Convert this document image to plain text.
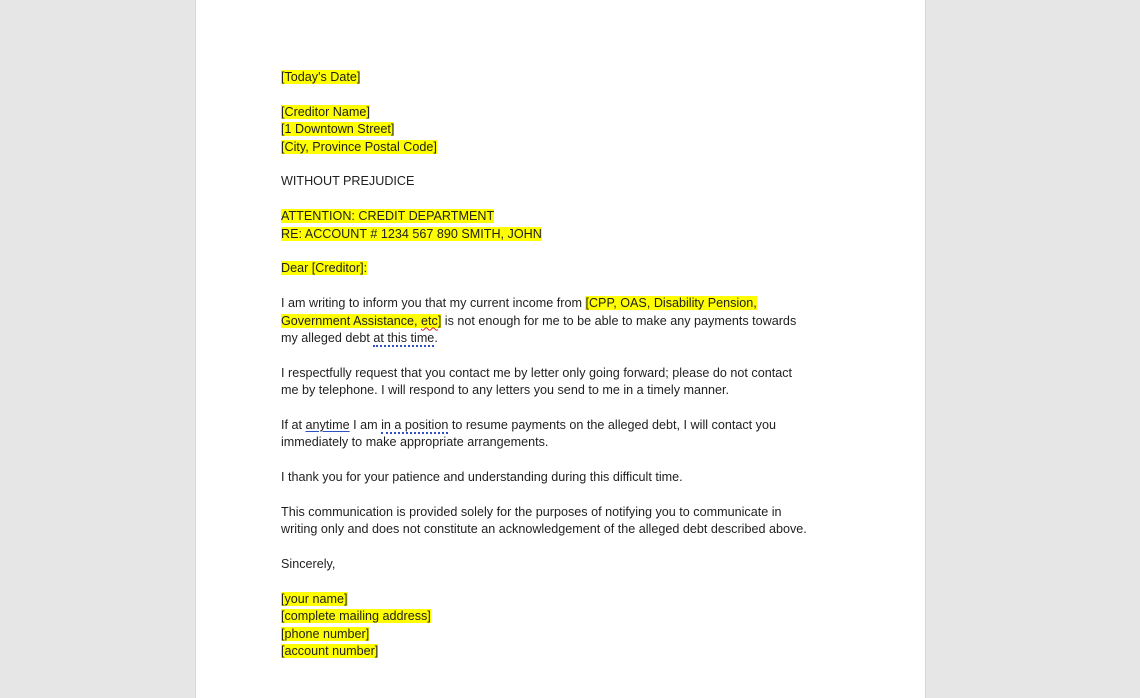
[Today's Date]
[Creditor Name]
[1 Downtown Street]
[City, Province Postal Code]
WITHOUT PREJUDICE
ATTENTION: CREDIT DEPARTMENT
RE: ACCOUNT # 1234 567 890 SMITH, JOHN
Dear [Creditor]:
I am writing to inform you that my current income from [CPP, OAS, Disability Pension,
Government Assistance, etc] is not enough for me to be able to make any payments towards
my alleged debt at this time.
I respectfully request that you contact me by letter only going forward; please do not contact
me by telephone. I will respond to any letters you send to me in a timely manner.
If at anytime I am in a position to resume payments on the alleged debt, I will contact you
immediately to make appropriate arrangements.
I thank you for your patience and understanding during this difficult time.
This communication is provided solely for the purposes of notifying you to communicate in
writing only and does not constitute an acknowledgement of the alleged debt described above.
Sincerely,
[your name]
[complete mailing address]
[phone number]
[account number]
